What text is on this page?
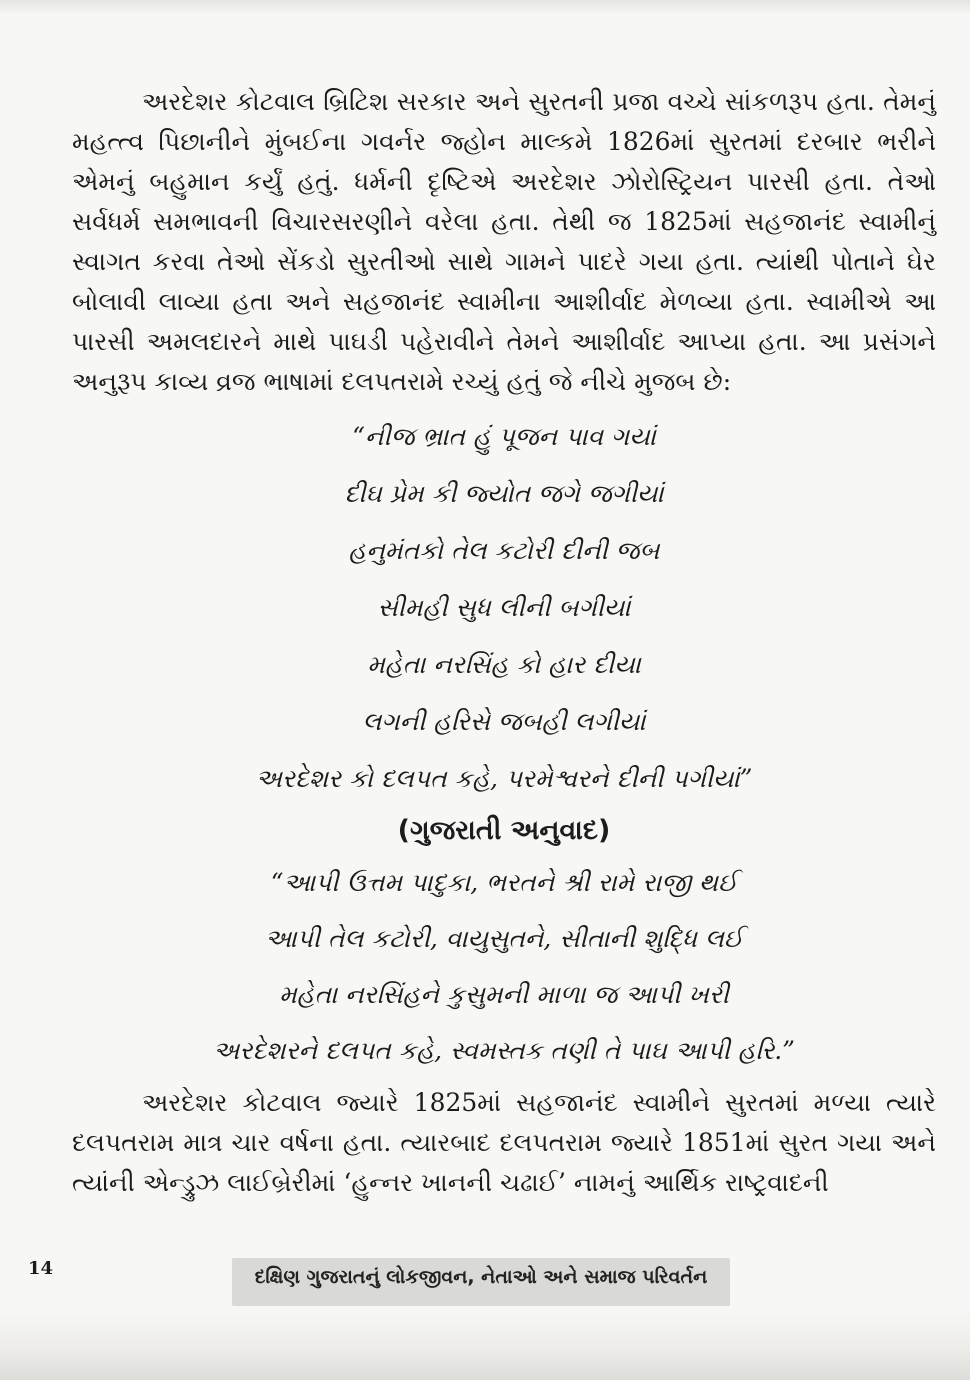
અરદેશર કોટવાલ બ્રિટિશ સરકાર અને સુરતની પ્રજા વચ્ચે સાંકળરૂપ હતા. તેમનું મહત્ત્વ પિછાનીને મુંબઈના ગવર્નર જ્હોન માલ્કમે 1826માં સુરતમાં દરબાર ભરીને એમનું બહુમાન કર્યું હતું. ધર્મની દૃષ્ટિએ અરદેશર ઝોરોસ્ટ્રિયન પારસી હતા. તેઓ સર્વધર્મ સમભાવની વિચારસરણીને વરેલા હતા. તેથી જ 1825માં સહજાનંદ સ્વામીનું સ્વાગત કરવા તેઓ સેંકડો સુરતીઓ સાથે ગામને પાદરે ગયા હતા. ત્યાંથી પોતાને ઘેર બોલાવી લાવ્યા હતા અને સહજાનંદ સ્વામીના આશીર્વાદ મેળવ્યા હતા. સ્વામીએ આ પારસી અમલદારને માથે પાઘડી પહેરાવીને તેમને આશીર્વાદ આપ્યા હતા. આ પ્રસંગને અનુરૂપ કાવ્ય વ્રજ ભાષામાં દલપતરામે રચ્યું હતું જે નીચે મુજબ છે:

“નીજ ભ્રાત હું પૂજન પાવ ગયાં
દીઘ પ્રેમ કી જ્યોત જગે જગીયાં
હનુમંતકો તેલ કટોરી દીની જબ
સીમહી સુધ લીની બગીયાં
મહેતા નરસિંહ કો હાર દીયા
લગની હરિસે જબહી લગીયાં
અરદેશર કો દલપત કહે, પરમેશ્વરને દીની પગીયાં”

(ગુજરાતી અનુવાદ)

“આપી ઉત્તમ પાદુકા, ભરતને શ્રી રામે રાજી થઈ
આપી તેલ કટોરી, વાયુસુતને, સીતાની શુદ્ધિ લઈ
મહેતા નરસિંહને કુસુમની માળા જ આપી ખરી
અરદેશરને દલપત કહે, સ્વમસ્તક તણી તે પાઘ આપી હરિ.”

અરદેશર કોટવાલ જ્યારે 1825માં સહજાનંદ સ્વામીને સુરતમાં મળ્યા ત્યારે દલપતરામ માત્ર ચાર વર્ષના હતા. ત્યારબાદ દલપતરામ જ્યારે 1851માં સુરત ગયા અને ત્યાંની એન્ડ્રુઝ લાઈબ્રેરીમાં ‘હુન્નર ખાનની ચઢાઈ’ નામનું આર્થિક રાષ્ટ્રવાદની

14	દક્ષિણ ગુજરાતનું લોકજીવન, નેતાઓ અને સમાજ પરિવર્તન
